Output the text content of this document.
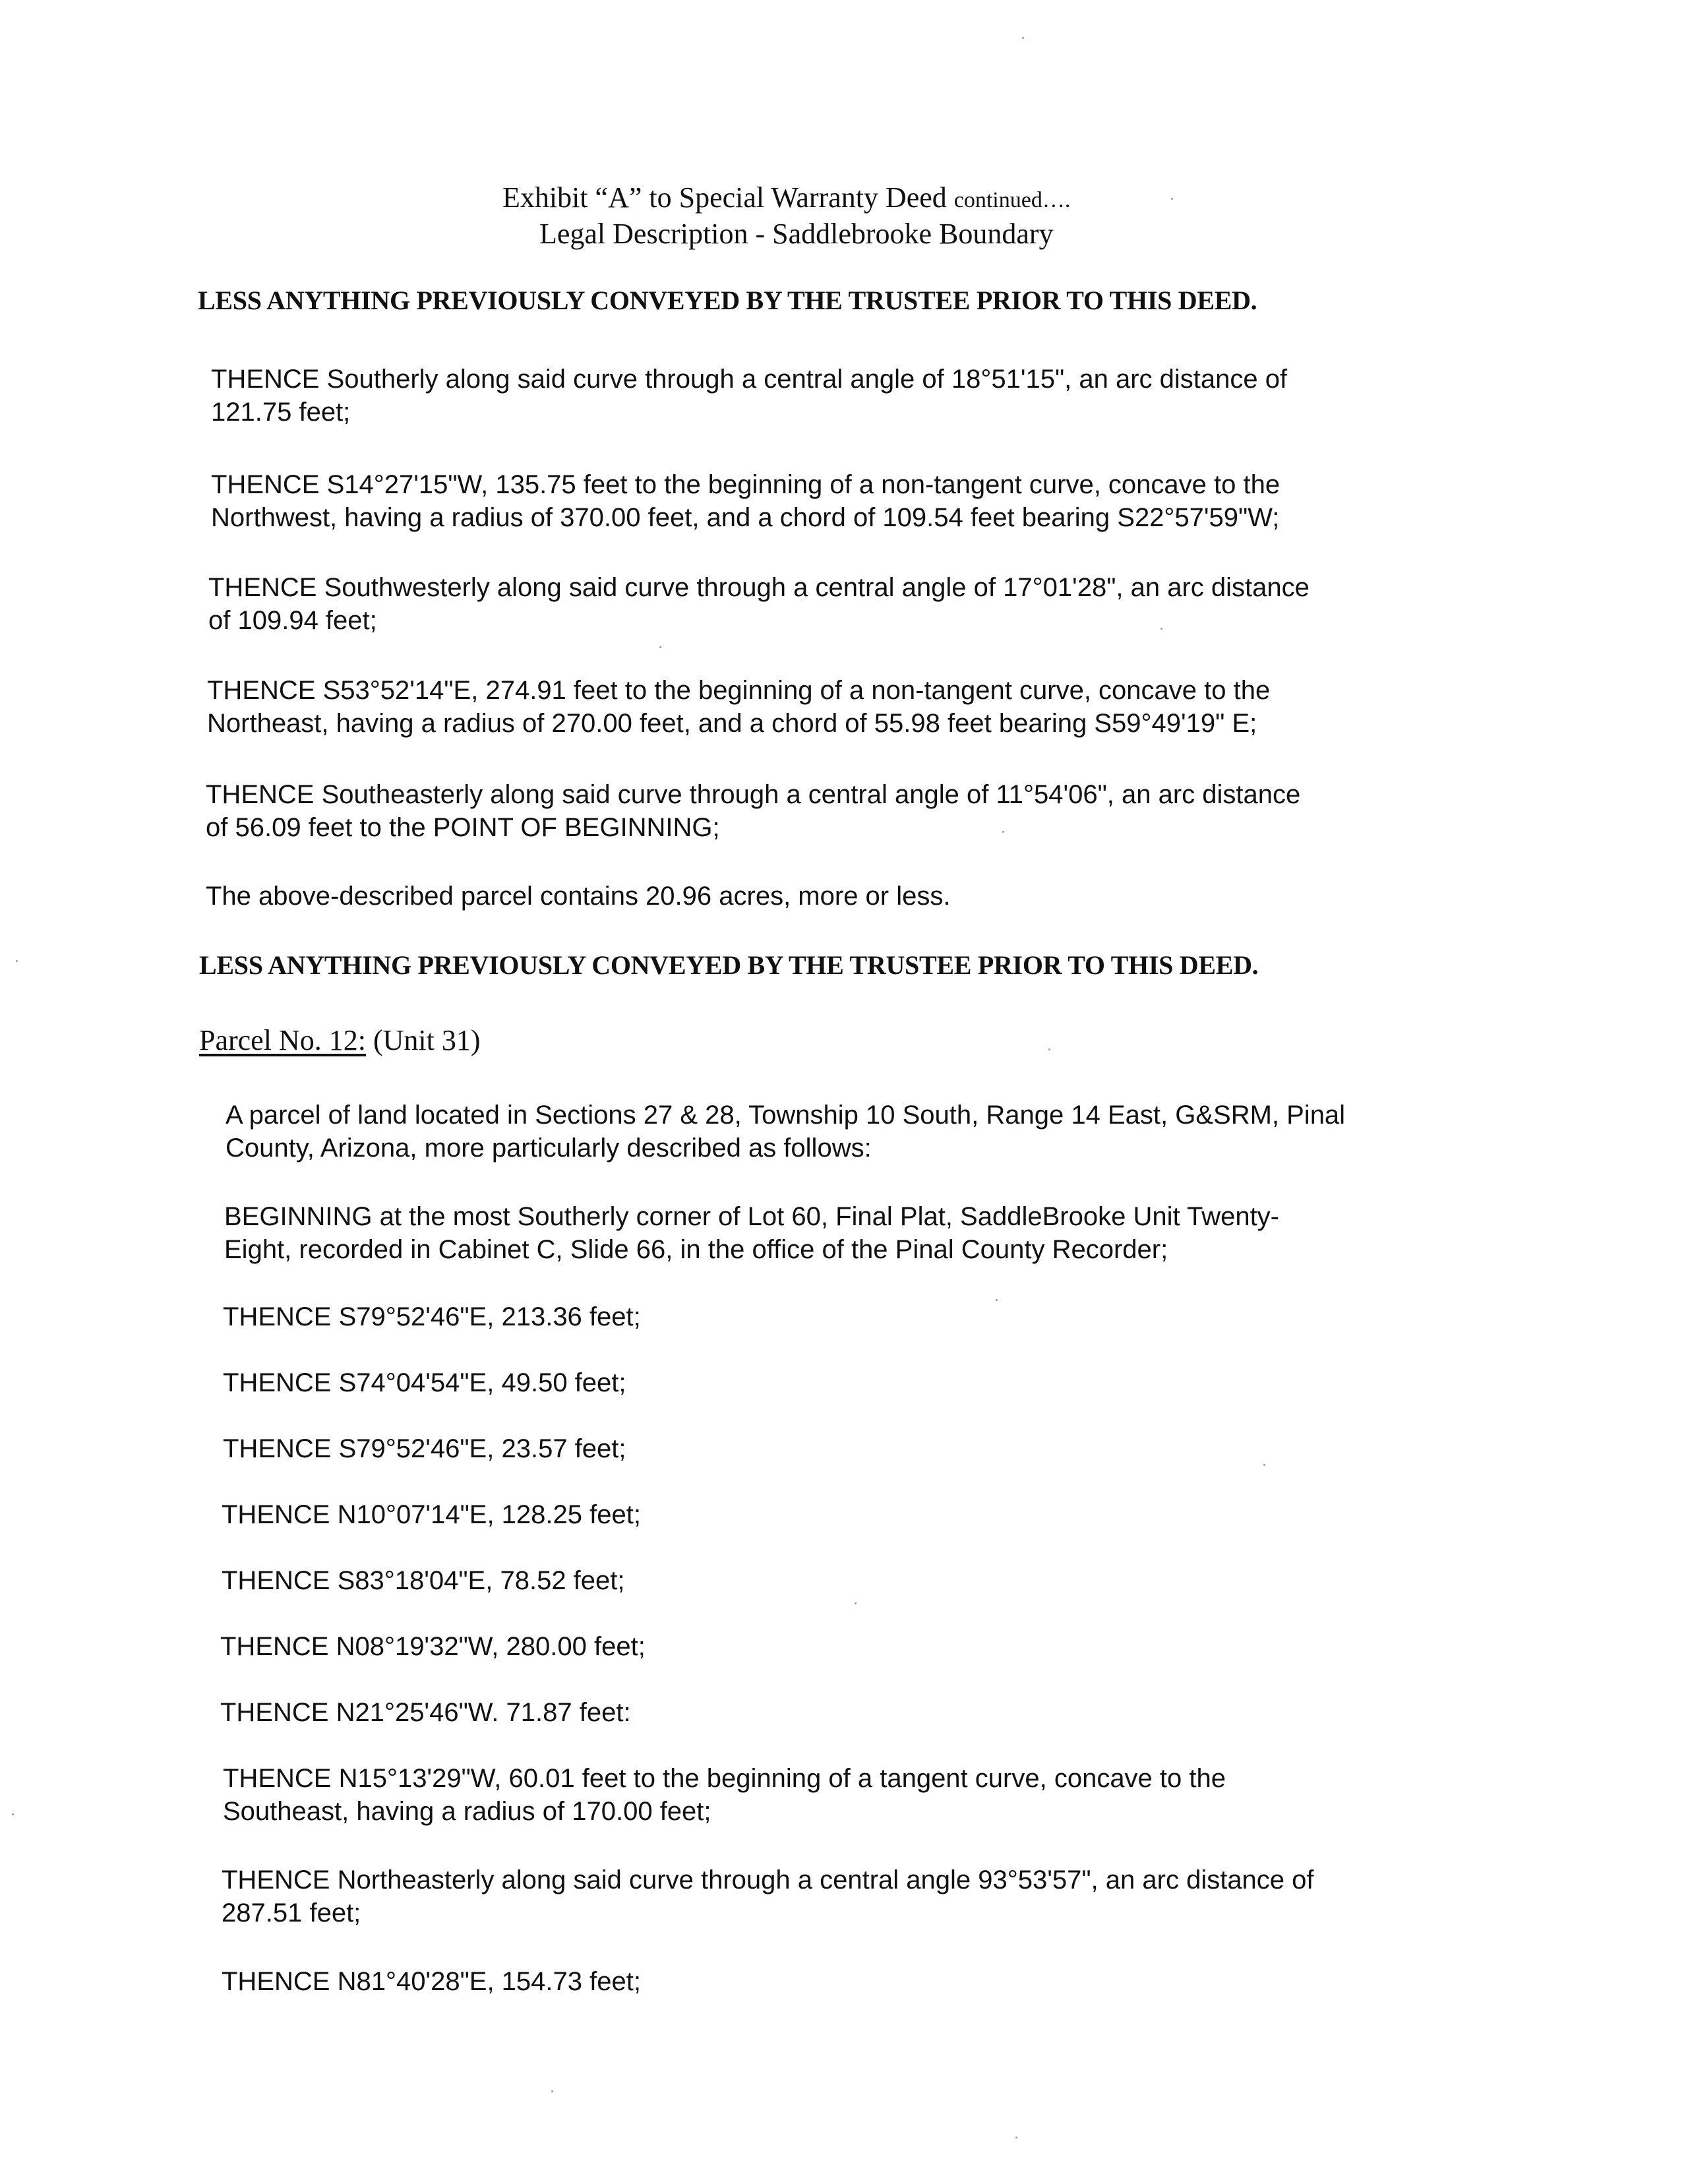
Exhibit “A” to Special Warranty Deed continued….
Legal Description - Saddlebrooke Boundary
LESS ANYTHING PREVIOUSLY CONVEYED BY THE TRUSTEE PRIOR TO THIS DEED.
THENCE Southerly along said curve through a central angle of 18°51'15", an arc distance of
121.75 feet;
THENCE S14°27'15"W, 135.75 feet to the beginning of a non-tangent curve, concave to the
Northwest, having a radius of 370.00 feet, and a chord of 109.54 feet bearing S22°57'59"W;
THENCE Southwesterly along said curve through a central angle of 17°01'28", an arc distance
of 109.94 feet;
THENCE S53°52'14"E, 274.91 feet to the beginning of a non-tangent curve, concave to the
Northeast, having a radius of 270.00 feet, and a chord of 55.98 feet bearing S59°49'19" E;
THENCE Southeasterly along said curve through a central angle of 11°54'06", an arc distance
of 56.09 feet to the POINT OF BEGINNING;
The above-described parcel contains 20.96 acres, more or less.
LESS ANYTHING PREVIOUSLY CONVEYED BY THE TRUSTEE PRIOR TO THIS DEED.
Parcel No. 12: (Unit 31)
A parcel of land located in Sections 27 & 28, Township 10 South, Range 14 East, G&SRM, Pinal
County, Arizona, more particularly described as follows:
BEGINNING at the most Southerly corner of Lot 60, Final Plat, SaddleBrooke Unit Twenty-
Eight, recorded in Cabinet C, Slide 66, in the office of the Pinal County Recorder;
THENCE S79°52'46"E, 213.36 feet;
THENCE S74°04'54"E, 49.50 feet;
THENCE S79°52'46"E, 23.57 feet;
THENCE N10°07'14"E, 128.25 feet;
THENCE S83°18'04"E, 78.52 feet;
THENCE N08°19'32"W, 280.00 feet;
THENCE N21°25'46"W. 71.87 feet:
THENCE N15°13'29"W, 60.01 feet to the beginning of a tangent curve, concave to the
Southeast, having a radius of 170.00 feet;
THENCE Northeasterly along said curve through a central angle 93°53'57", an arc distance of
287.51 feet;
THENCE N81°40'28"E, 154.73 feet;
